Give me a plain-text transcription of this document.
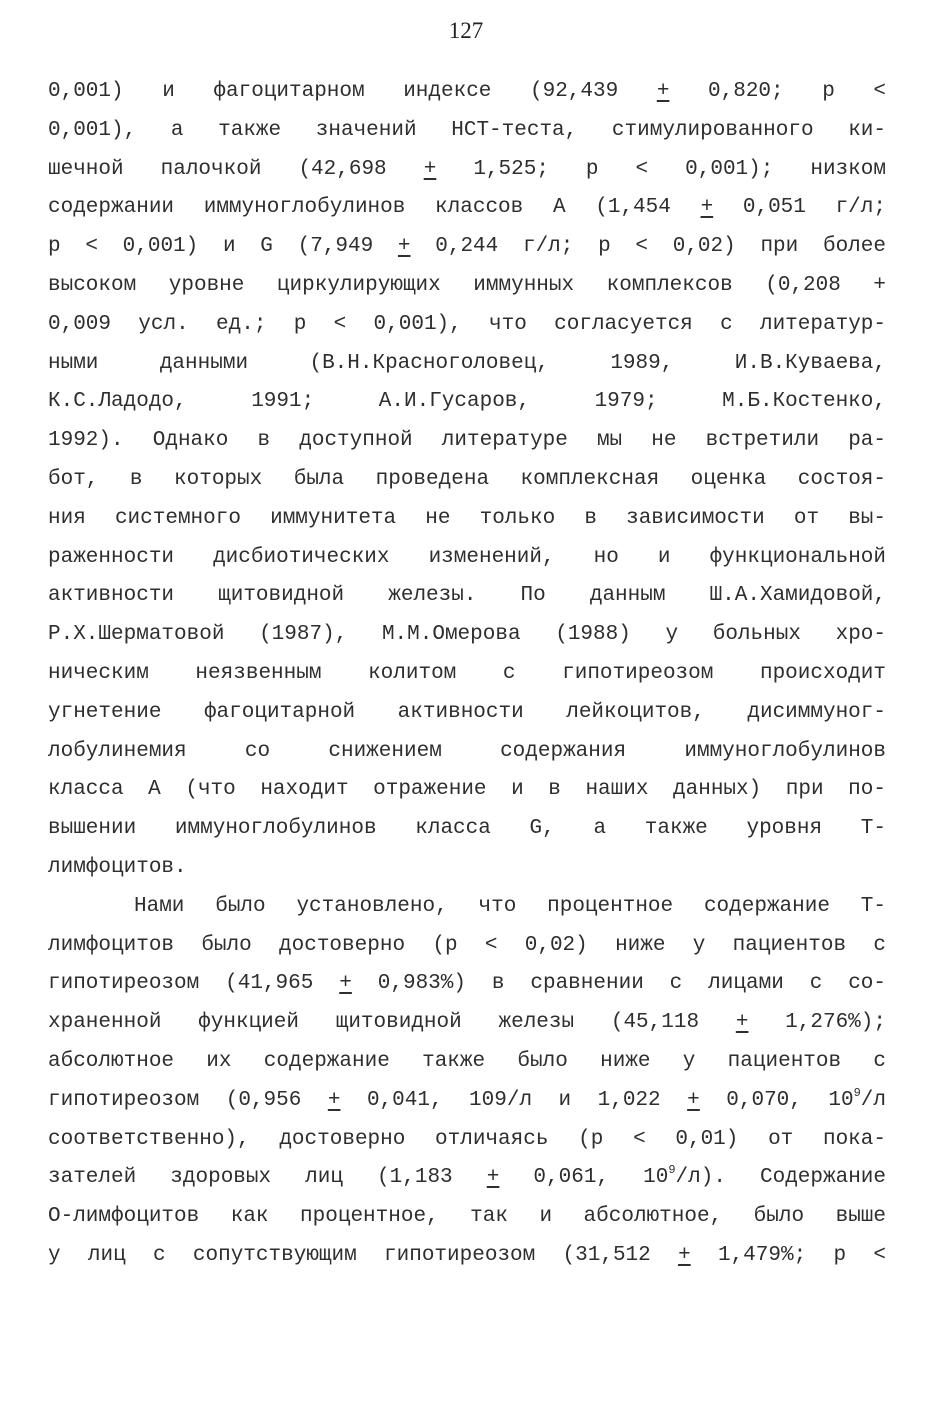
127
0,001) и фагоцитарном индексе (92,439 + 0,820; p <
0,001), а также значений НСТ-теста, стимулированного ки-
шечной палочкой (42,698 + 1,525; p < 0,001); низком
содержании иммуноглобулинов классов А (1,454 + 0,051 г/л;
p < 0,001) и G (7,949 + 0,244 г/л; p < 0,02) при более
высоком уровне циркулирующих иммунных комплексов (0,208 +
0,009 усл. ед.; p < 0,001), что согласуется с литератур-
ными данными (В.Н.Красноголовец, 1989, И.В.Куваева,
К.С.Ладодо, 1991; А.И.Гусаров, 1979; М.Б.Костенко,
1992). Однако в доступной литературе мы не встретили ра-
бот, в которых была проведена комплексная оценка состоя-
ния системного иммунитета не только в зависимости от вы-
раженности дисбиотических изменений, но и функциональной
активности щитовидной железы. По данным Ш.А.Хамидовой,
Р.Х.Шерматовой (1987), М.М.Омерова (1988) у больных хро-
ническим неязвенным колитом с гипотиреозом происходит
угнетение фагоцитарной активности лейкоцитов, дисиммуног-
лобулинемия со снижением содержания иммуноглобулинов
класса А (что находит отражение и в наших данных) при по-
вышении иммуноглобулинов класса G, а также уровня Т-
лимфоцитов.
Нами было установлено, что процентное содержание Т-
лимфоцитов было достоверно (p < 0,02) ниже у пациентов с
гипотиреозом (41,965 + 0,983%) в сравнении с лицами с со-
храненной функцией щитовидной железы (45,118 + 1,276%);
абсолютное их содержание также было ниже у пациентов с
гипотиреозом (0,956 + 0,041, 109/л и 1,022 + 0,070, $10^9/л$
соответственно), достоверно отличаясь (p < 0,01) от пока-
зателей здоровых лиц (1,183 + 0,061, $10^9/л$). Содержание
О-лимфоцитов как процентное, так и абсолютное, было выше
у лиц с сопутствующим гипотиреозом (31,512 + 1,479%; p <
